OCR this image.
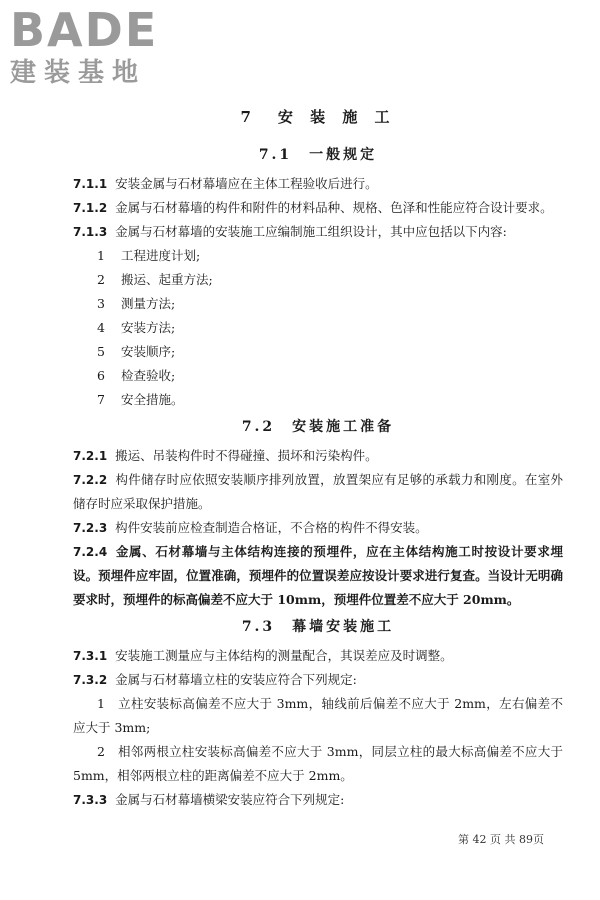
BADE
建装基地
7　安 装 施 工
7.1　一般规定
7.1.1 安装金属与石材幕墙应在主体工程验收后进行。
7.1.2 金属与石材幕墙的构件和附件的材料品种、规格、色泽和性能应符合设计要求。
7.1.3 金属与石材幕墙的安装施工应编制施工组织设计，其中应包括以下内容:
1 工程进度计划;
2 搬运、起重方法;
3 测量方法;
4 安装方法;
5 安装顺序;
6 检查验收;
7 安全措施。
7.2　安装施工准备
7.2.1 搬运、吊装构件时不得碰撞、损坏和污染构件。
7.2.2 构件储存时应依照安装顺序排列放置，放置架应有足够的承载力和刚度。在室外储存时应采取保护措施。
7.2.3 构件安装前应检查制造合格证，不合格的构件不得安装。
7.2.4 金属、石材幕墙与主体结构连接的预埋件，应在主体结构施工时按设计要求埋设。预埋件应牢固，位置准确，预埋件的位置误差应按设计要求进行复查。当设计无明确要求时，预埋件的标高偏差不应大于 10mm，预埋件位置差不应大于 20mm。
7.3　幕墙安装施工
7.3.1 安装施工测量应与主体结构的测量配合，其误差应及时调整。
7.3.2 金属与石材幕墙立柱的安装应符合下列规定:
1　立柱安装标高偏差不应大于 3mm，轴线前后偏差不应大于 2mm，左右偏差不应大于 3mm;
2　相邻两根立柱安装标高偏差不应大于 3mm，同层立柱的最大标高偏差不应大于 5mm，相邻两根立柱的距离偏差不应大于 2mm。
7.3.3 金属与石材幕墙横梁安装应符合下列规定:
第 42 页 共 89页
